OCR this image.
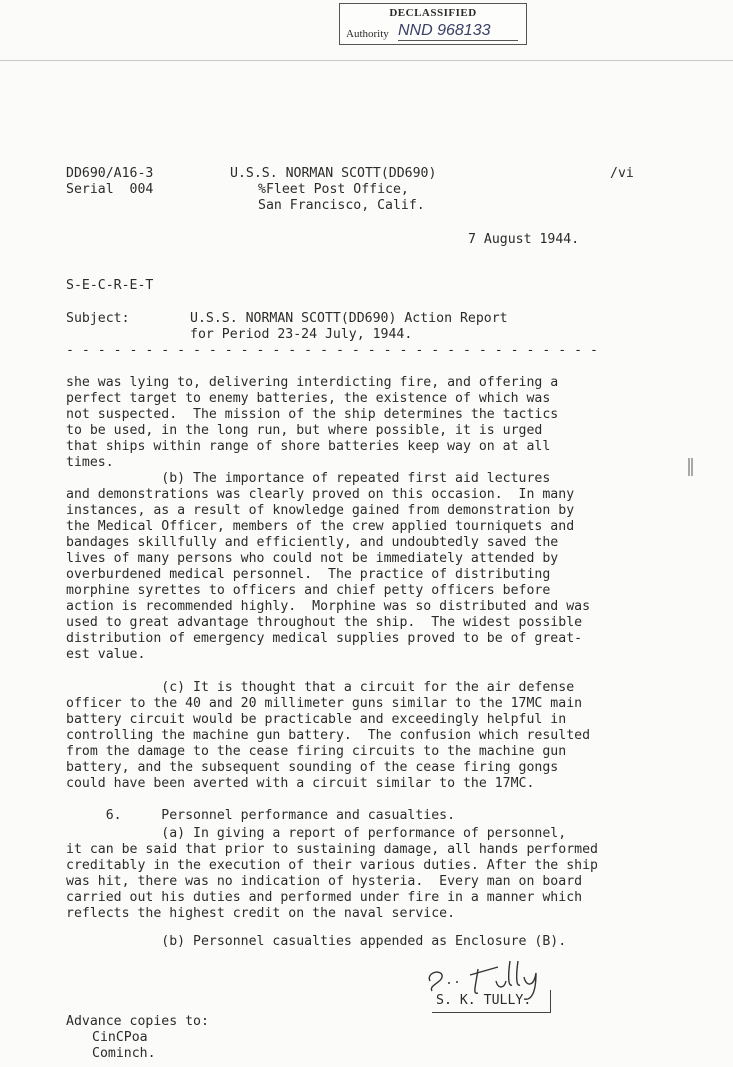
DECLASSIFIED
Authority NND 968133
DD690/A16-3
Serial 004
U.S.S. NORMAN SCOTT(DD690)
%Fleet Post Office,
San Francisco, Calif.
/vi
7 August 1944.
S-E-C-R-E-T
Subject:	U.S.S. NORMAN SCOTT(DD690) Action Report
for Period 23-24 July, 1944.
- - - - - - - - - - - - - - - - - - - - - - - - - - - - - - - - - -
she was lying to, delivering interdicting fire, and offering a
perfect target to enemy batteries, the existence of which was
not suspected.  The mission of the ship determines the tactics
to be used, in the long run, but where possible, it is urged
that ships within range of shore batteries keep way on at all
times.
(b) The importance of repeated first aid lectures
and demonstrations was clearly proved on this occasion.  In many
instances, as a result of knowledge gained from demonstration by
the Medical Officer, members of the crew applied tourniquets and
bandages skillfully and efficiently, and undoubtedly saved the
lives of many persons who could not be immediately attended by
overburdened medical personnel.  The practice of distributing
morphine syrettes to officers and chief petty officers before
action is recommended highly.  Morphine was so distributed and was
used to great advantage throughout the ship.  The widest possible
distribution of emergency medical supplies proved to be of great-
est value.
(c) It is thought that a circuit for the air defense
officer to the 40 and 20 millimeter guns similar to the 17MC main
battery circuit would be practicable and exceedingly helpful in
controlling the machine gun battery.  The confusion which resulted
from the damage to the cease firing circuits to the machine gun
battery, and the subsequent sounding of the cease firing gongs
could have been averted with a circuit similar to the 17MC.
6.     Personnel performance and casualties.
(a) In giving a report of performance of personnel,
it can be said that prior to sustaining damage, all hands performed
creditably in the execution of their various duties. After the ship
was hit, there was no indication of hysteria.  Every man on board
carried out his duties and performed under fire in a manner which
reflects the highest credit on the naval service.
(b) Personnel casualties appended as Enclosure (B).
S. K. TULLY.
Advance copies to:
CinCPoa
Cominch.
